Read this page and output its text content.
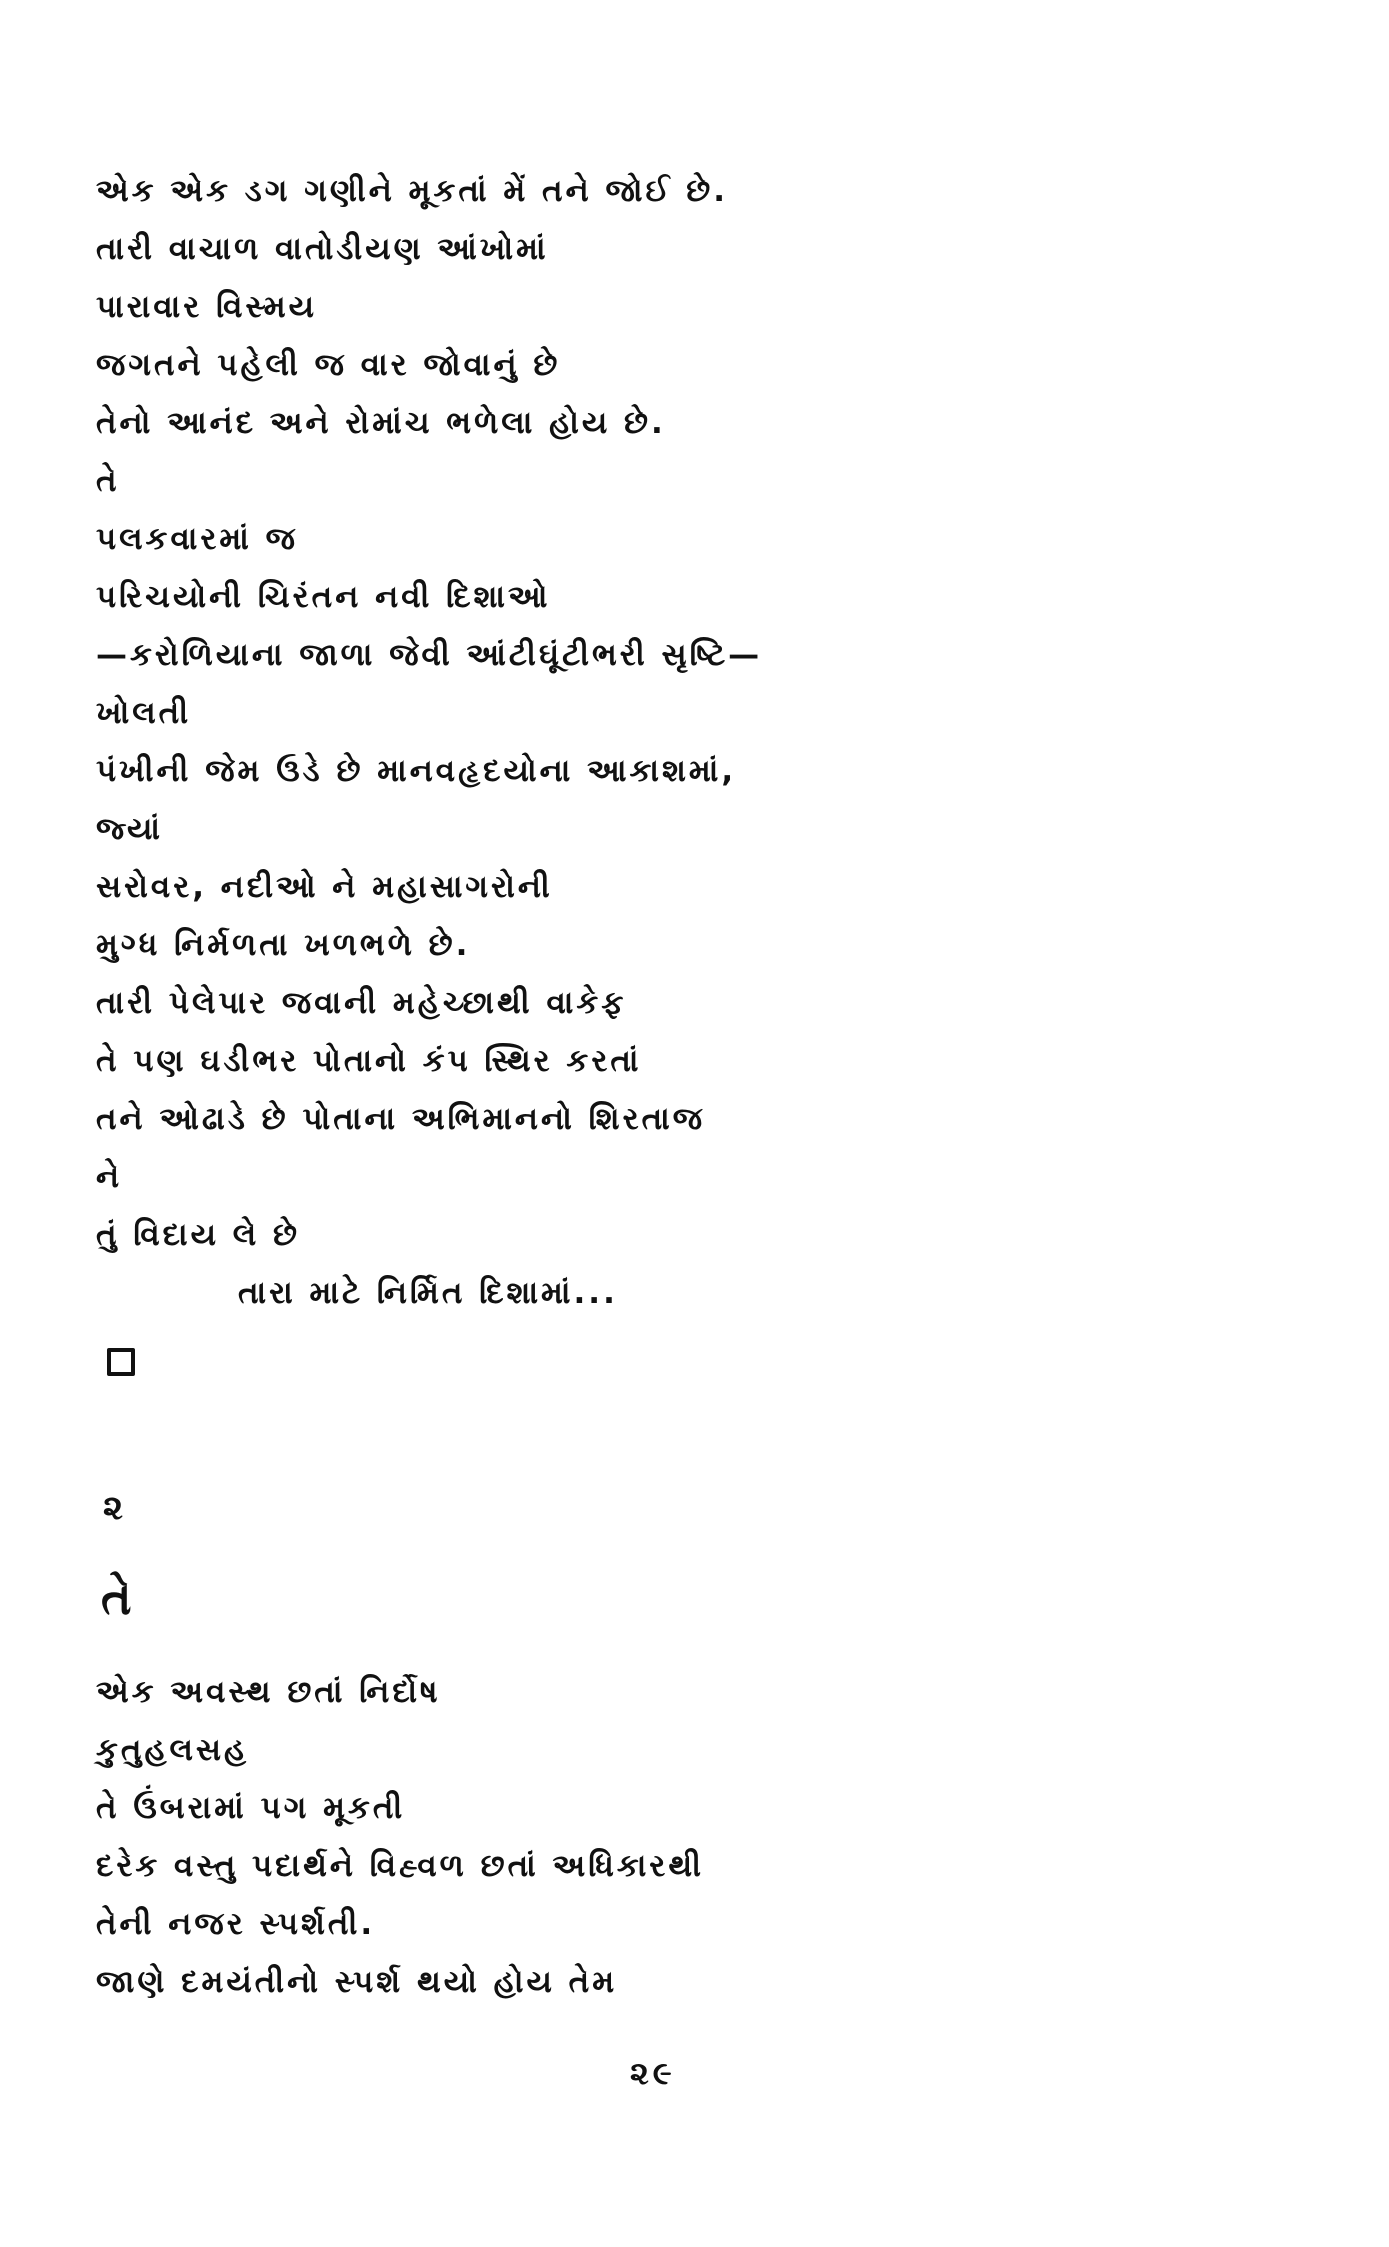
એક એક ડગ ગણીને મૂકતાં મેં તને જોઈ છે.
તારી વાચાળ વાતોડીયણ આંખોમાં
પારાવાર વિસ્મય
જગતને પહેલી જ વાર જોવાનું છે
તેનો આનંદ અને રોમાંચ ભળેલા હોય છે.
તે
પલકવારમાં જ
પરિચયોની ચિરંતન નવી દિશાઓ
—કરોળિયાના જાળા જેવી આંટીઘૂંટીભરી સૃષ્ટિ—
ખોલતી
પંખીની જેમ ઉડે છે માનવહૃદયોના આકાશમાં,
જ્યાં
સરોવર, નદીઓ ને મહાસાગરોની
મુગ્ધ નિર્મળતા ખળભળે છે.
તારી પેલેપાર જવાની મહેચ્છાથી વાકેફ
તે પણ ઘડીભર પોતાનો કંપ સ્થિર કરતાં
તને ઓઢાડે છે પોતાના અભિમાનનો શિરતાજ
ને
તું વિદાય લે છે
તારા માટે નિર્મિત દિશામાં...
૨
તે
એક અવસ્થ છતાં નિર્દોષ
કુતુહલસહ
તે ઉંબરામાં પગ મૂકતી
દરેક વસ્તુ પદાર્થને વિહ્વળ છતાં અધિકારથી
તેની નજર સ્પર્શતી.
જાણે દમયંતીનો સ્પર્શ થયો હોય તેમ
૨૯
